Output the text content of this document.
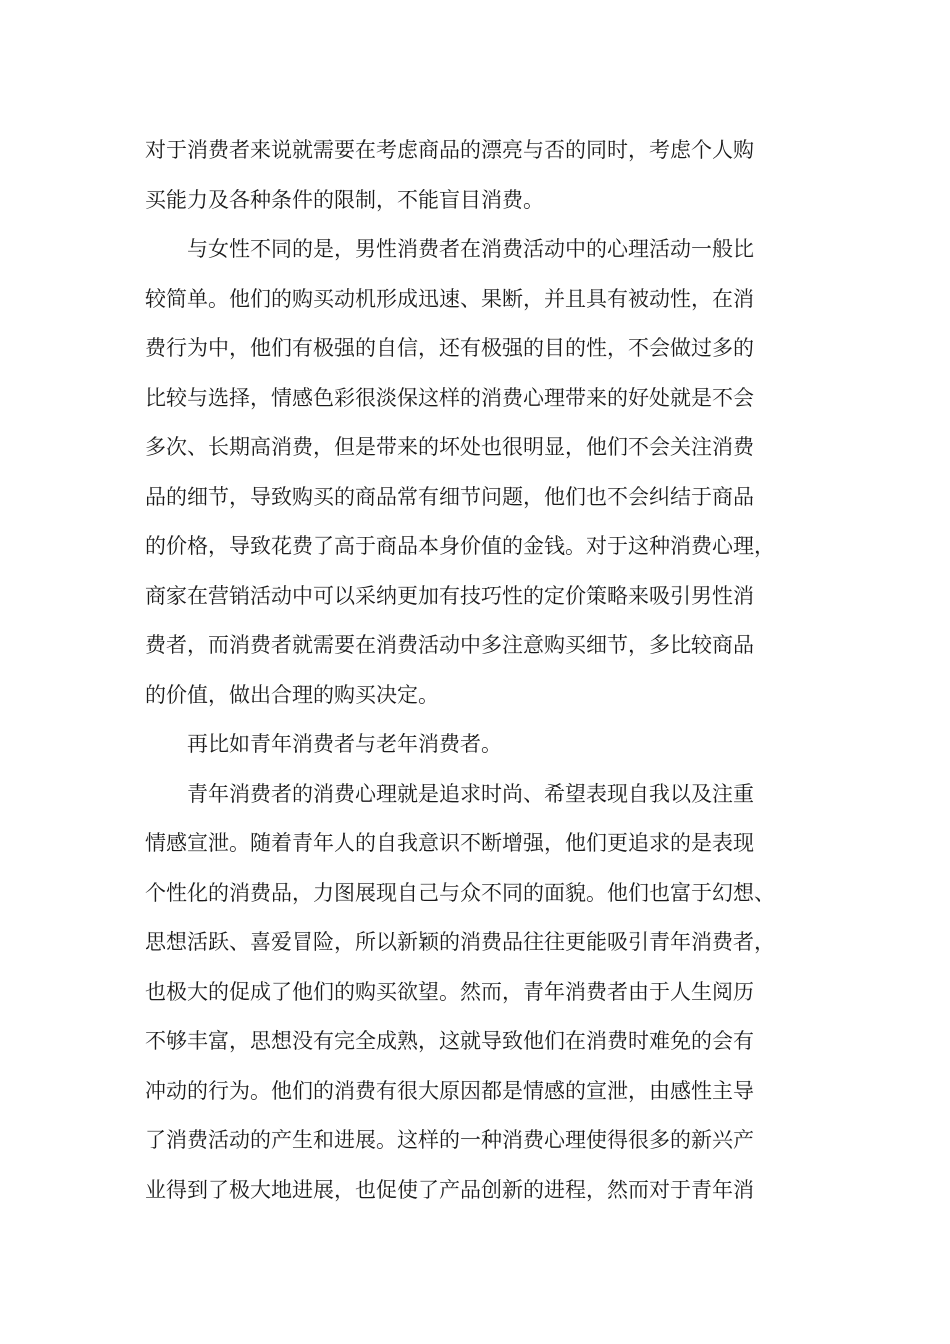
对于消费者来说就需要在考虑商品的漂亮与否的同时，考虑个人购
买能力及各种条件的限制，不能盲目消费。
　　与女性不同的是，男性消费者在消费活动中的心理活动一般比
较简单。他们的购买动机形成迅速、果断，并且具有被动性，在消
费行为中，他们有极强的自信，还有极强的目的性，不会做过多的
比较与选择，情感色彩很淡保这样的消费心理带来的好处就是不会
多次、长期高消费，但是带来的坏处也很明显，他们不会关注消费
品的细节，导致购买的商品常有细节问题，他们也不会纠结于商品
的价格，导致花费了高于商品本身价值的金钱。对于这种消费心理，
商家在营销活动中可以采纳更加有技巧性的定价策略来吸引男性消
费者，而消费者就需要在消费活动中多注意购买细节，多比较商品
的价值，做出合理的购买决定。
　　再比如青年消费者与老年消费者。
　　青年消费者的消费心理就是追求时尚、希望表现自我以及注重
情感宣泄。随着青年人的自我意识不断增强，他们更追求的是表现
个性化的消费品，力图展现自己与众不同的面貌。他们也富于幻想、
思想活跃、喜爱冒险，所以新颖的消费品往往更能吸引青年消费者，
也极大的促成了他们的购买欲望。然而，青年消费者由于人生阅历
不够丰富，思想没有完全成熟，这就导致他们在消费时难免的会有
冲动的行为。他们的消费有很大原因都是情感的宣泄，由感性主导
了消费活动的产生和进展。这样的一种消费心理使得很多的新兴产
业得到了极大地进展，也促使了产品创新的进程，然而对于青年消
